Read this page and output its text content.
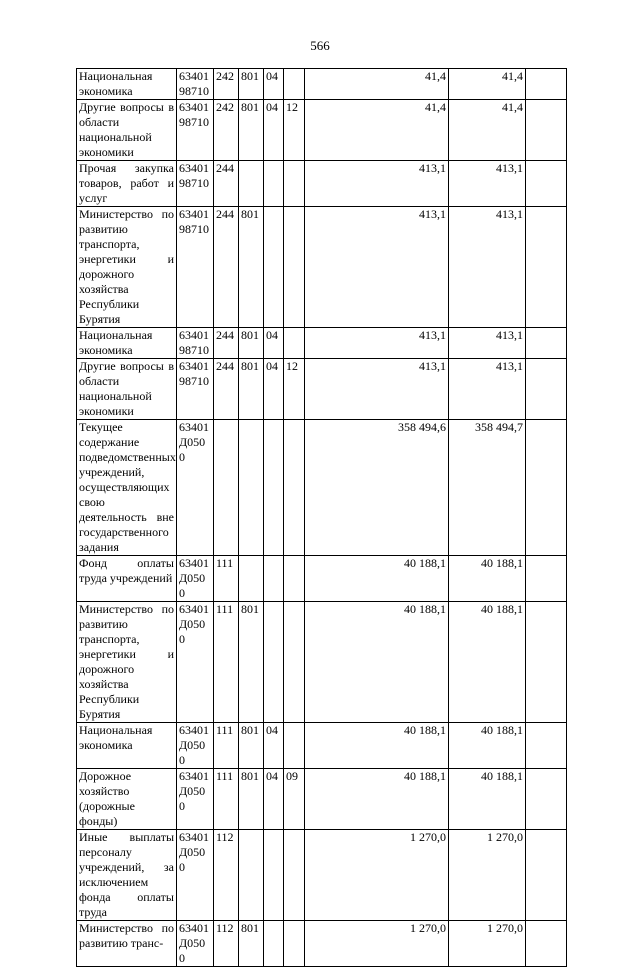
566
Национальная экономика	63401 98710	242	801	04		41,4	41,4	
Другие вопросы в области национальной экономики	63401 98710	242	801	04	12	41,4	41,4	
Прочая закупка товаров, работ и услуг	63401 98710	244				413,1	413,1	
Министерство по развитию транспорта, энергетики и дорожного хозяйства Республики Бурятия	63401 98710	244	801			413,1	413,1	
Национальная экономика	63401 98710	244	801	04		413,1	413,1	
Другие вопросы в области национальной экономики	63401 98710	244	801	04	12	413,1	413,1	
Текущее содержание подведомственных учреждений, осуществляющих свою деятельность вне государственного задания	63401 Д0500					358 494,6	358 494,7	
Фонд оплаты труда учреждений	63401 Д0500	111				40 188,1	40 188,1	
Министерство по развитию транспорта, энергетики и дорожного хозяйства Республики Бурятия	63401 Д0500	111	801			40 188,1	40 188,1	
Национальная экономика	63401 Д0500	111	801	04		40 188,1	40 188,1	
Дорожное хозяйство (дорожные фонды)	63401 Д0500	111	801	04	09	40 188,1	40 188,1	
Иные выплаты персоналу учреждений, за исключением фонда оплаты труда	63401 Д0500	112				1 270,0	1 270,0	
Министерство по развитию транс-	63401 Д0500	112	801			1 270,0	1 270,0	
